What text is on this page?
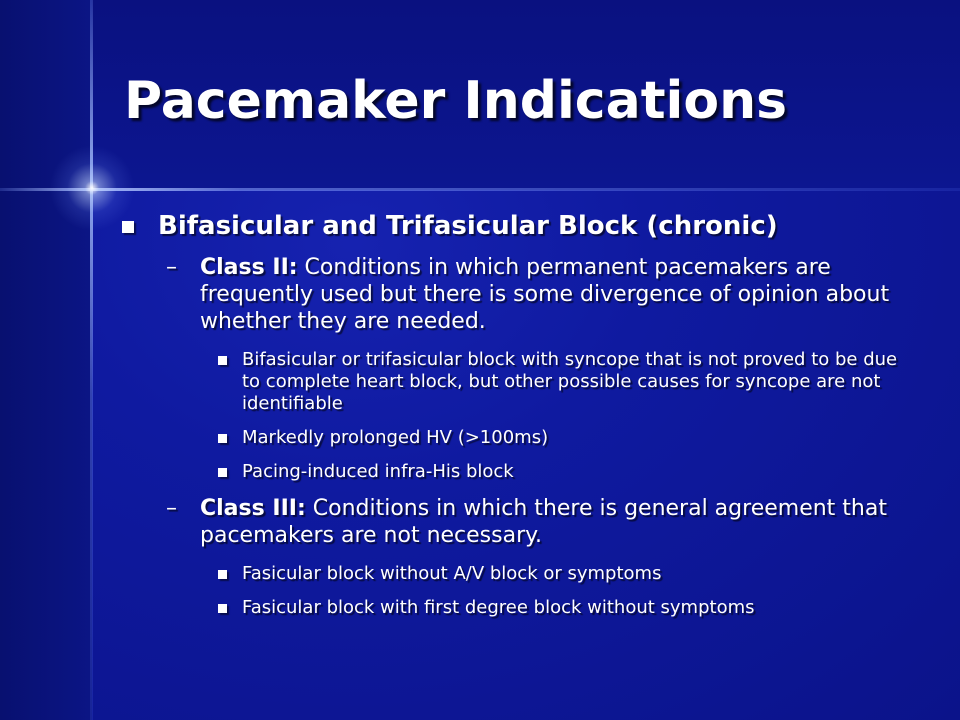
Pacemaker Indications
Bifasicular and Trifasicular Block (chronic)
– Class II: Conditions in which permanent pacemakers are frequently used but there is some divergence of opinion about whether they are needed.
Bifasicular or trifasicular block with syncope that is not proved to be due to complete heart block, but other possible causes for syncope are not identifiable
Markedly prolonged HV (>100ms)
Pacing-induced infra-His block
– Class III: Conditions in which there is general agreement that pacemakers are not necessary.
Fasicular block without A/V block or symptoms
Fasicular block with first degree block without symptoms
